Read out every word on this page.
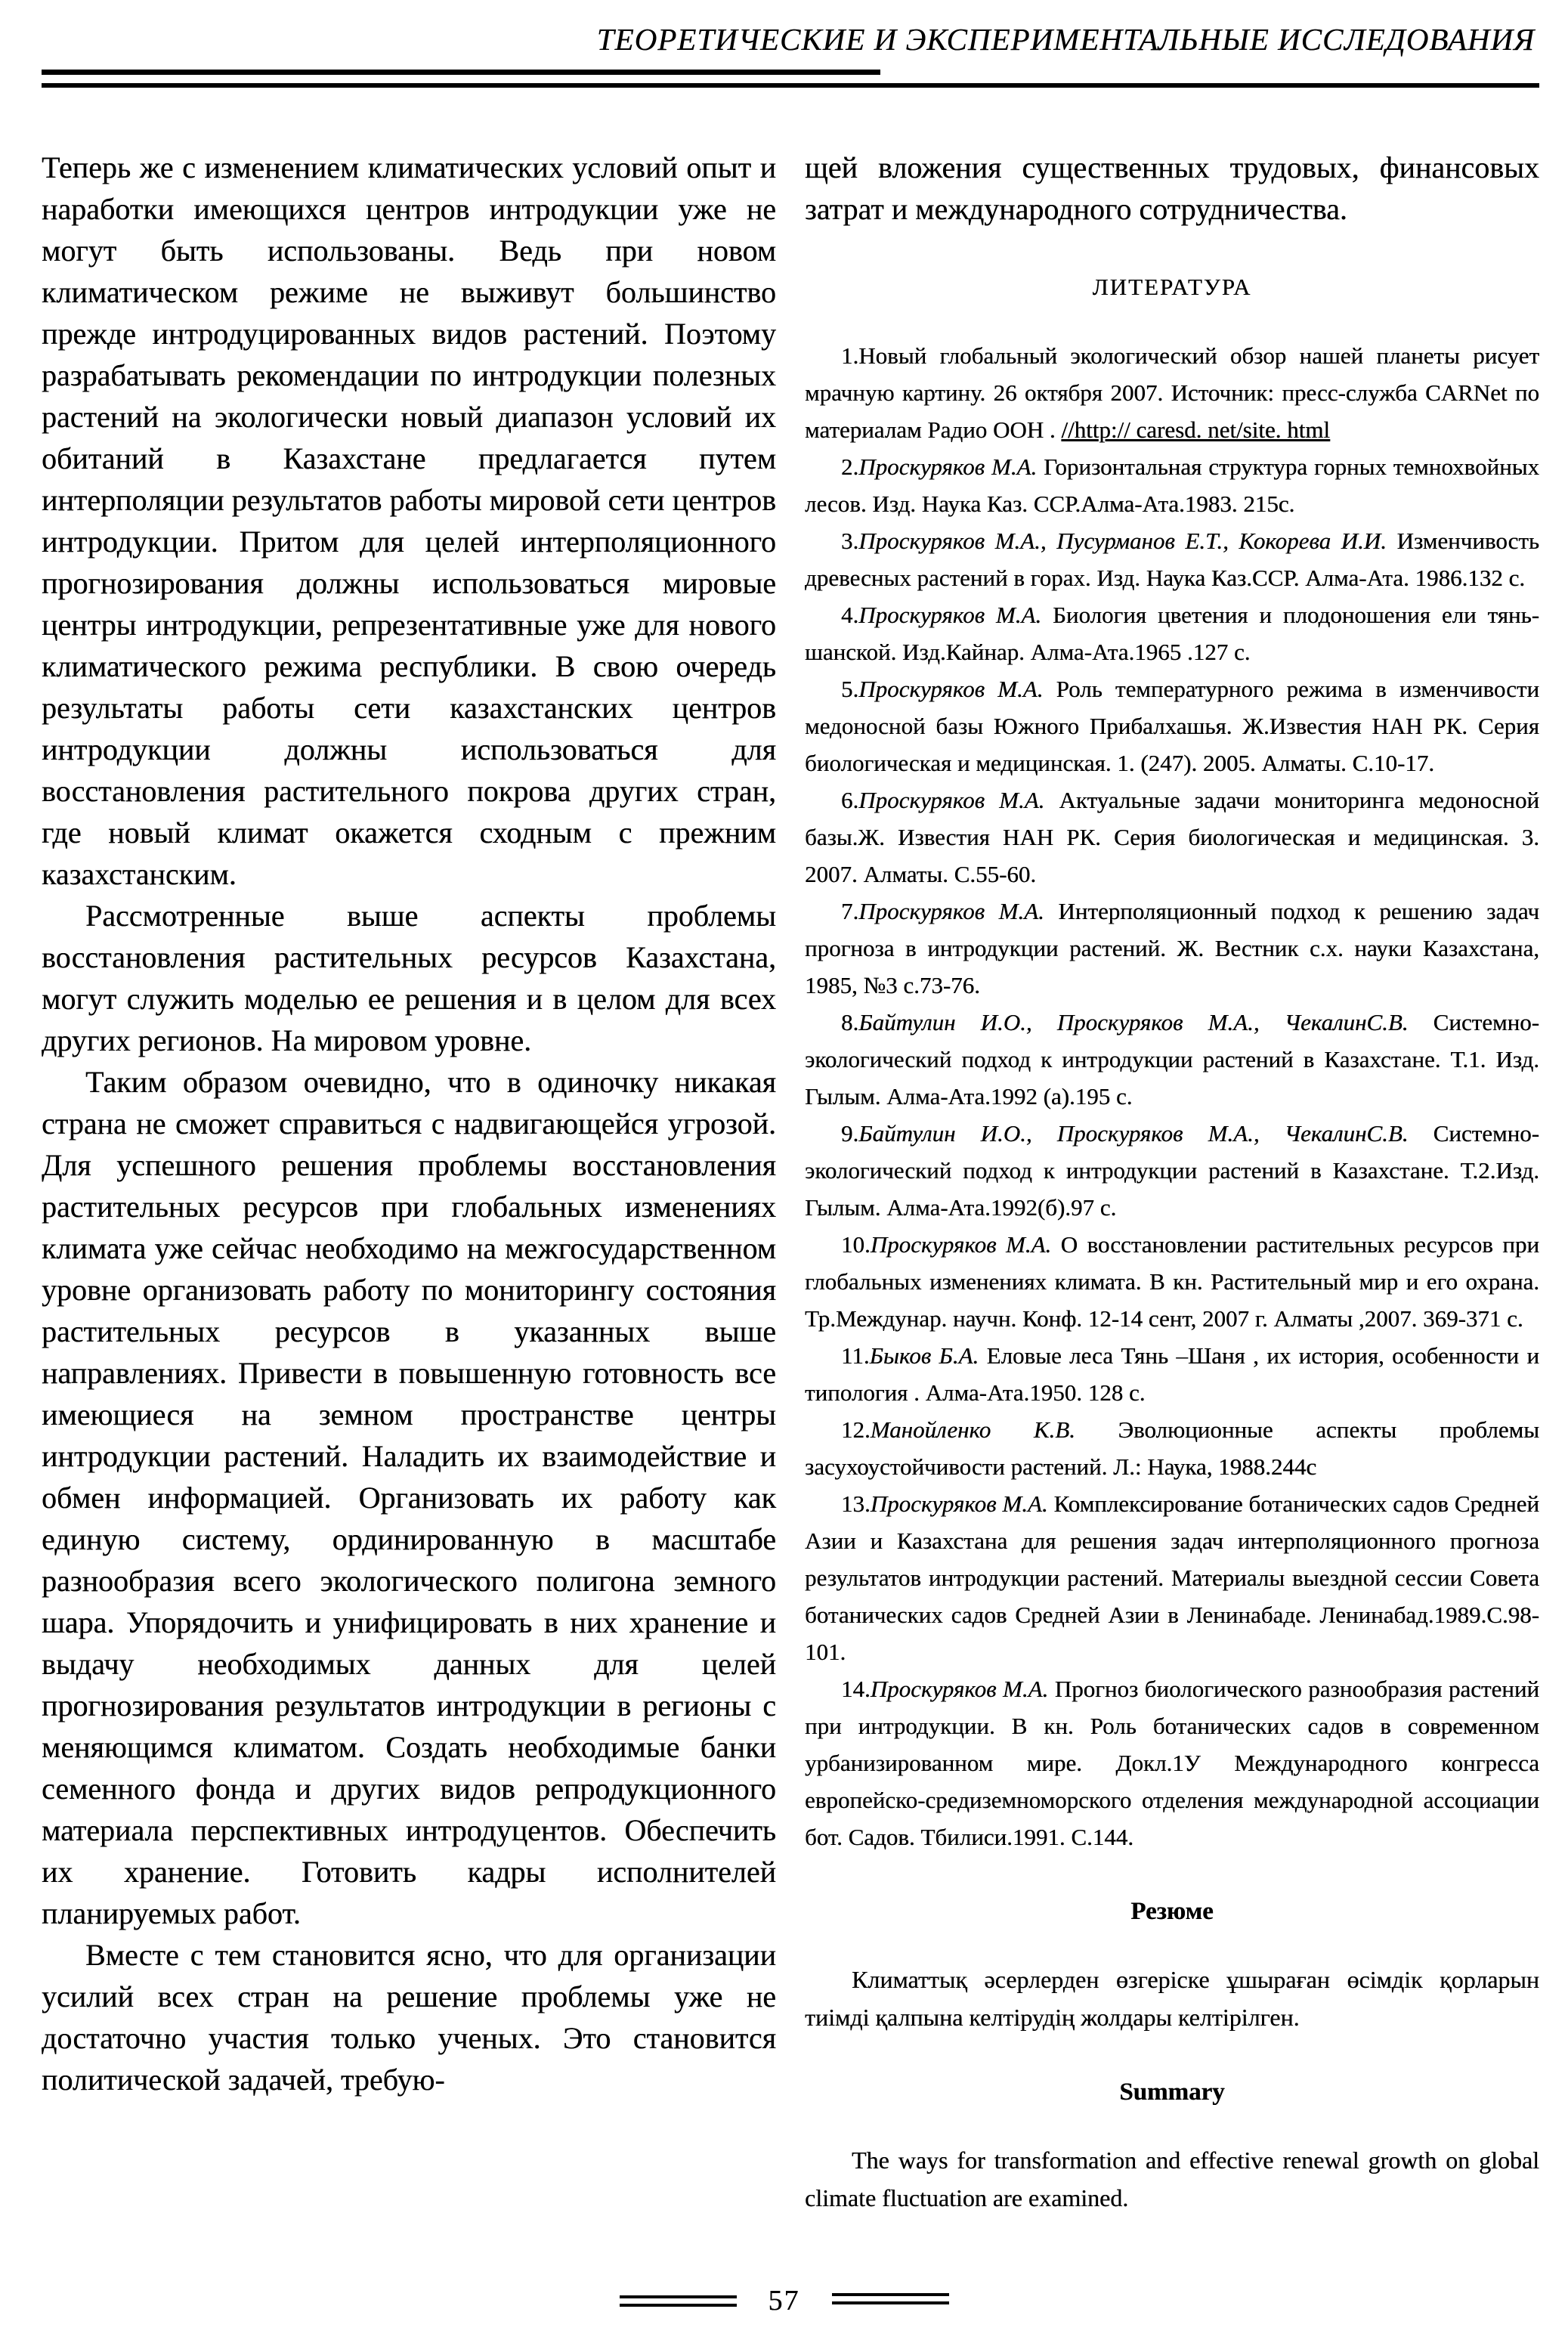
ТЕОРЕТИЧЕСКИЕ И ЭКСПЕРИМЕНТАЛЬНЫЕ ИССЛЕДОВАНИЯ

Теперь же с изменением климатических условий опыт и наработки имеющихся центров интродукции уже не могут быть использованы. Ведь при новом климатическом режиме не выживут большинство прежде интродуцированных видов растений. Поэтому разрабатывать рекомендации по интродукции полезных растений на экологически новый диапазон условий их обитаний в Казахстане предлагается путем интерполяции результатов работы мировой сети центров интродукции. Притом для целей интерполяционного прогнозирования должны использоваться мировые центры интродукции, репрезентативные уже для нового климатического режима республики. В свою очередь результаты работы сети казахстанских центров интродукции должны использоваться для восстановления растительного покрова других стран, где новый климат окажется сходным с прежним казахстанским.

Рассмотренные выше аспекты проблемы восстановления растительных ресурсов Казахстана, могут служить моделью ее решения и в целом для всех других регионов. На мировом уровне.

Таким образом очевидно, что в одиночку никакая страна не сможет справиться с надвигающейся угрозой. Для успешного решения проблемы восстановления растительных ресурсов при глобальных изменениях климата уже сейчас необходимо на межгосударственном уровне организовать работу по мониторингу состояния растительных ресурсов в указанных выше направлениях. Привести в повышенную готовность все имеющиеся на земном пространстве центры интродукции растений. Наладить их взаимодействие и обмен информацией. Организовать их работу как единую систему, ординированную в масштабе разнообразия всего экологического полигона земного шара. Упорядочить и унифицировать в них хранение и выдачу необходимых данных для целей прогнозирования результатов интродукции в регионы с меняющимся климатом. Создать необходимые банки семенного фонда и других видов репродукционного материала перспективных интродуцентов. Обеспечить их хранение. Готовить кадры исполнителей планируемых работ.

Вместе с тем становится ясно, что для организации усилий всех стран на решение проблемы уже не достаточно участия только ученых. Это становится политической задачей, требую-

щей вложения существенных трудовых, финансовых затрат и международного сотрудничества.

ЛИТЕРАТУРА

1.Новый глобальный экологический обзор нашей планеты рисует мрачную картину. 26 октября 2007. Источник: пресс-служба CARNet по материалам Радио ООН . //http:// caresd. net/site. html

2.Проскуряков М.А. Горизонтальная структура горных темнохвойных лесов. Изд. Наука Каз. ССР.Алма-Ата.1983. 215с.

3.Проскуряков М.А., Пусурманов Е.Т., Кокорева И.И. Изменчивость древесных растений в горах. Изд. Наука Каз.ССР. Алма-Ата. 1986.132 с.

4.Проскуряков М.А. Биология цветения и плодоношения ели тянь-шанской. Изд.Кайнар. Алма-Ата.1965 .127 с.

5.Проскуряков М.А. Роль температурного режима в изменчивости медоносной базы Южного Прибалхашья. Ж.Известия НАН РК. Серия биологическая и медицинская. 1. (247). 2005. Алматы. С.10-17.

6.Проскуряков М.А. Актуальные задачи мониторинга медоносной базы.Ж. Известия НАН РК. Серия биологическая и медицинская. 3. 2007. Алматы. С.55-60.

7.Проскуряков М.А. Интерполяционный подход к решению задач прогноза в интродукции растений. Ж. Вестник с.х. науки Казахстана, 1985, №3 с.73-76.

8.Байтулин И.О., Проскуряков М.А., ЧекалинС.В. Системно-экологический подход к интродукции растений в Казахстане. Т.1. Изд. Гылым. Алма-Ата.1992 (а).195 с.

9.Байтулин И.О., Проскуряков М.А., ЧекалинС.В. Системно-экологический подход к интродукции растений в Казахстане. Т.2.Изд. Гылым. Алма-Ата.1992(б).97 с.

10.Проскуряков М.А. О восстановлении растительных ресурсов при глобальных изменениях климата. В кн. Растительный мир и его охрана. Тр.Междунар. научн. Конф. 12-14 сент, 2007 г. Алматы ,2007. 369-371 с.

11.Быков Б.А. Еловые леса Тянь –Шаня , их история, особенности и типология . Алма-Ата.1950. 128 с.

12.Манойленко К.В. Эволюционные аспекты проблемы засухоустойчивости растений. Л.: Наука, 1988.244с

13.Проскуряков М.А. Комплексирование ботанических садов Средней Азии и Казахстана для решения задач интерполяционного прогноза результатов интродукции растений. Материалы выездной сессии Совета ботанических садов Средней Азии в Ленинабаде. Ленинабад.1989.С.98-101.

14.Проскуряков М.А. Прогноз биологического разнообразия растений при интродукции. В кн. Роль ботанических садов в современном урбанизированном мире. Докл.1У Международного конгресса европейско-средиземноморского отделения международной ассоциации бот. Садов. Тбилиси.1991. С.144.

Резюме

Климаттық әсерлерден өзгеріске ұшыраған өсімдік қорларын тиімді қалпына келтірудің жолдары келтірілген.

Summary

The ways for transformation and effective renewal growth on global climate fluctuation are examined.

57
